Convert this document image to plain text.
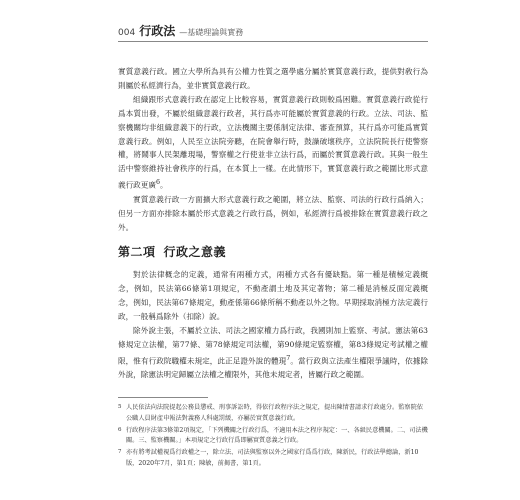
004 行政法 —基礎理論與實務

實質意義行政。國立大學所為具有公權力性質之選學處分屬於實質意義行政，提供對敎行為則屬於私經濟行為，並非實質意義行政。

組織跟形式意義行政在認定上比較容易，實質意義行政則較爲困難。實質意義行政從行爲本質出發，不屬於組織意義行政者，其行爲亦可能屬於實質意義的行政。立法、司法、監察機關均非組織意義下的行政，立法機關主要係制定法律、審查預算，其行爲亦可能爲實質意義行政。例如，人民至立法院旁聽，在院會舉行時，鼓譟破壞秩序，立法院院長行使警察權，將鬧事人民架離現場，警察權之行使並非立法行爲，而屬於實質意義行政。其與一般生活中警察維持社會秩序的行爲，在本質上一樣。在此情形下，實質意義行政之範圍比形式意義行政更廣$^6$。

實質意義行政一方面擴大形式意義行政之範圍，將立法、監察、司法的行政行爲納入；但另一方面亦排除本屬於形式意義之行政行爲，例如，私經濟行爲被排除在實質意義行政之外。

第二項 行政之意義

對於法律概念的定義，通常有兩種方式，兩種方式各有優缺點。第一種是積極定義概念，例如，民法第66條第1項規定，不動產謂土地及其定著物；第二種是消極反面定義概念，例如，民法第67條規定，動產係第66條所稱不動產以外之物。早期採取消極方法定義行政，一般稱爲除外（扣除）說。

除外說主張，不屬於立法、司法之國家權力爲行政，我國則加上監察、考試。憲法第63條規定立法權，第77條、第78條規定司法權，第90條規定監察權，第83條規定考試權之權限，惟有行政院職權未規定，此正足證外說的體現$^7$。當行政與立法產生權限爭議時，依據除外說，除憲法明定歸屬立法權之權限外，其他未規定者，皆屬行政之範圍。

5 人民依法向法院提起公務員懲戒、刑事訴訟時，得依行政程序法之規定，提出陳情書請求行政處分。監察院依公職人員財產申報法對義務人科處罰緩，亦屬於實質意義行政。

6 行政程序法第3條第2項規定，「下列機關之行政行爲，不適用本法之程序規定：一、各級民意機關。二、司法機關。三、監察機關。」本項規定之行政行爲即屬實質意義之行政。

7 亦有將考試權視爲行政權之一，除立法、司法與監察以外之國家行爲爲行政，陳新民，行政法學總論，新10版，2020年7月，第1頁；陳敏，前揭書，第1頁。
